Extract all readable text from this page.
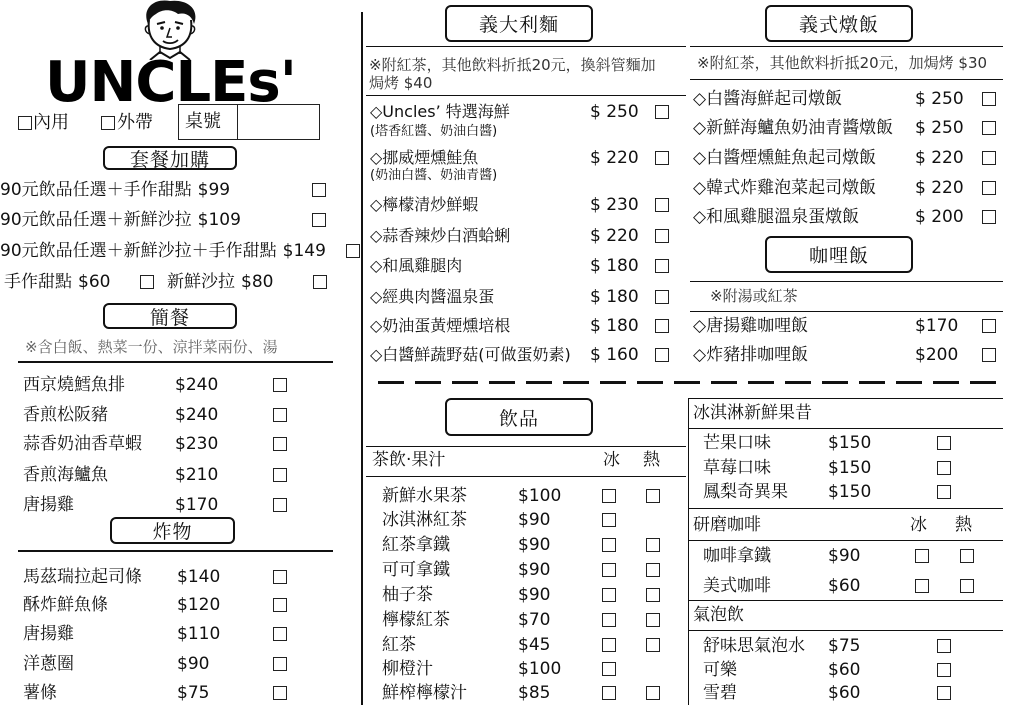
UNCLEs'
內用	外帶 桌號
套餐加購
90元飲品任選＋手作甜點 $99
90元飲品任選＋新鮮沙拉 $109
90元飲品任選＋新鮮沙拉＋手作甜點 $149
手作甜點 $60	新鮮沙拉 $80
簡餐
※含白飯、熱菜一份、涼拌菜兩份、湯
西京燒鱈魚排	$240
香煎松阪豬	$240
蒜香奶油香草蝦 $230
香煎海鱸魚	$210
唐揚雞	$170
炸物
馬茲瑞拉起司條 $140
酥炸鮮魚條	$120
唐揚雞	$110
洋蔥圈	$90
薯條	$75
義大利麵
※附紅茶，其他飲料折抵20元，換斜管麵加
焗烤 $40
◇Uncles’ 特選海鮮
(塔香紅醬、奶油白醬)
$ 250
◇挪威煙燻鮭魚
(奶油白醬、奶油青醬)
$ 220
◇檸檬清炒鮮蝦	$ 230
◇蒜香辣炒白酒蛤蜊	$ 220
◇和風雞腿肉	$ 180
◇經典肉醬溫泉蛋	$ 180
◇奶油蛋黃煙燻培根	$ 180
◇白醬鮮蔬野菇(可做蛋奶素) $ 160
義式燉飯
※附紅茶，其他飲料折抵20元，加焗烤 $30
◇白醬海鮮起司燉飯	$ 250
◇新鮮海鱸魚奶油青醬燉飯 $ 250
◇白醬煙燻鮭魚起司燉飯 $ 220
◇韓式炸雞泡菜起司燉飯 $ 220
◇和風雞腿溫泉蛋燉飯	$ 200
咖哩飯
※附湯或紅茶
◇唐揚雞咖哩飯	$170
◇炸豬排咖哩飯	$200
飲品
茶飲‧果汁	冰 熱
新鮮水果茶	$100
冰淇淋紅茶	$90
紅茶拿鐵	$90
可可拿鐵	$90
柚子茶	$90
檸檬紅茶	$70
紅茶	$45
柳橙汁	$100
鮮榨檸檬汁	$85
冰淇淋新鮮果昔
芒果口味	$150
草莓口味	$150
鳳梨奇異果 $150
研磨咖啡	冰 熱
咖啡拿鐵	$90
美式咖啡	$60
氣泡飲
舒味思氣泡水 $75
可樂	$60
雪碧	$60
